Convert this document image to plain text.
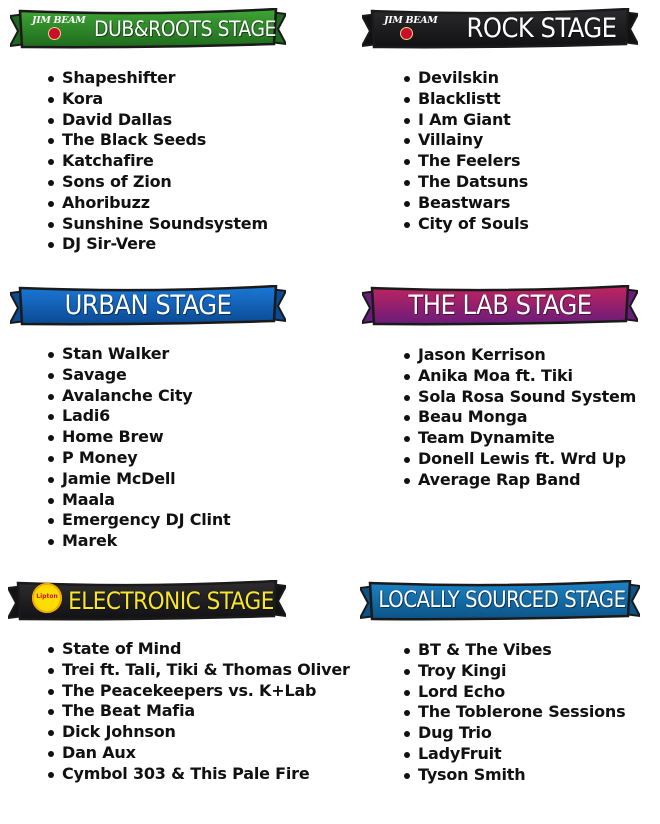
JIM BEAM DUB&ROOTS STAGE
Shapeshifter
Kora
David Dallas
The Black Seeds
Katchafire
Sons of Zion
Ahoribuzz
Sunshine Soundsystem
DJ Sir-Vere
JIM BEAM	ROCK STAGE
Devilskin
Blacklistt
I Am Giant
Villainy
The Feelers
The Datsuns
Beastwars
City of Souls
URBAN STAGE
Stan Walker
Savage
Avalanche City
Ladi6
Home Brew
P Money
Jamie McDell
Maala
Emergency DJ Clint
Marek
THE LAB STAGE
Jason Kerrison
Anika Moa ft. Tiki
Sola Rosa Sound System
Beau Monga
Team Dynamite
Donell Lewis ft. Wrd Up
Average Rap Band
Lipton ELECTRONIC STAGE
State of Mind
Trei ft. Tali, Tiki & Thomas Oliver
The Peacekeepers vs. K+Lab
The Beat Mafia
Dick Johnson
Dan Aux
Cymbol 303 & This Pale Fire
LOCALLY SOURCED STAGE
BT & The Vibes
Troy Kingi
Lord Echo
The Toblerone Sessions
Dug Trio
LadyFruit
Tyson Smith
